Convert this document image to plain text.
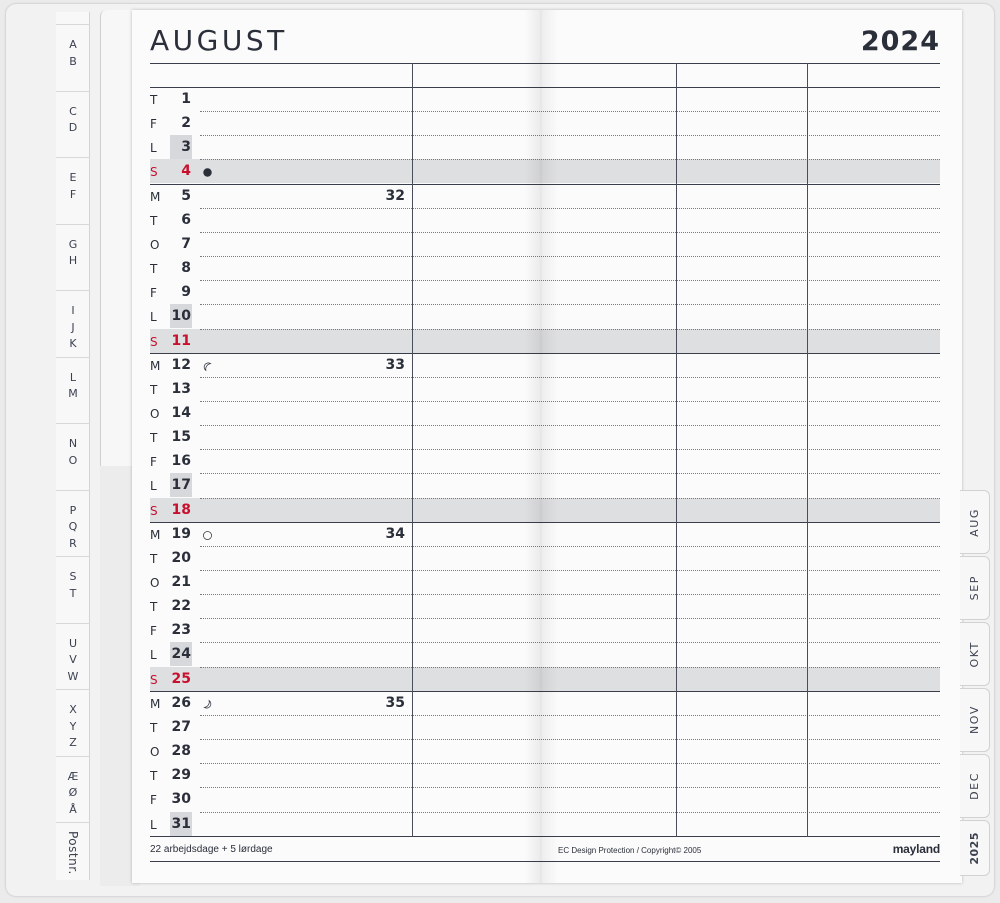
A
B
C
D
E
F
G
H
I
J
K
L
M
N
O
P
Q
R
S
T
U
V
W
X
Y
Z
Æ
Ø
Å
Postnr.
AUGUST	2024
T	1
F	2
L	3
S	4
M	5	32
T	6
O	7
T	8
F	9
L	10
S 11
M 12	33
T	13
O 14
T	15
F	16
L	17
S 18
M 19	34
T	20
O 21
T	22
F	23
L	24
S 25
M 26	35
T	27
O 28
T	29
F	30
L	31
22 arbejdsdage + 5 lørdage	EC Design Protection / Copyright© 2005	mayland
AUG
SEP
OKT
NOV
DEC
2025
